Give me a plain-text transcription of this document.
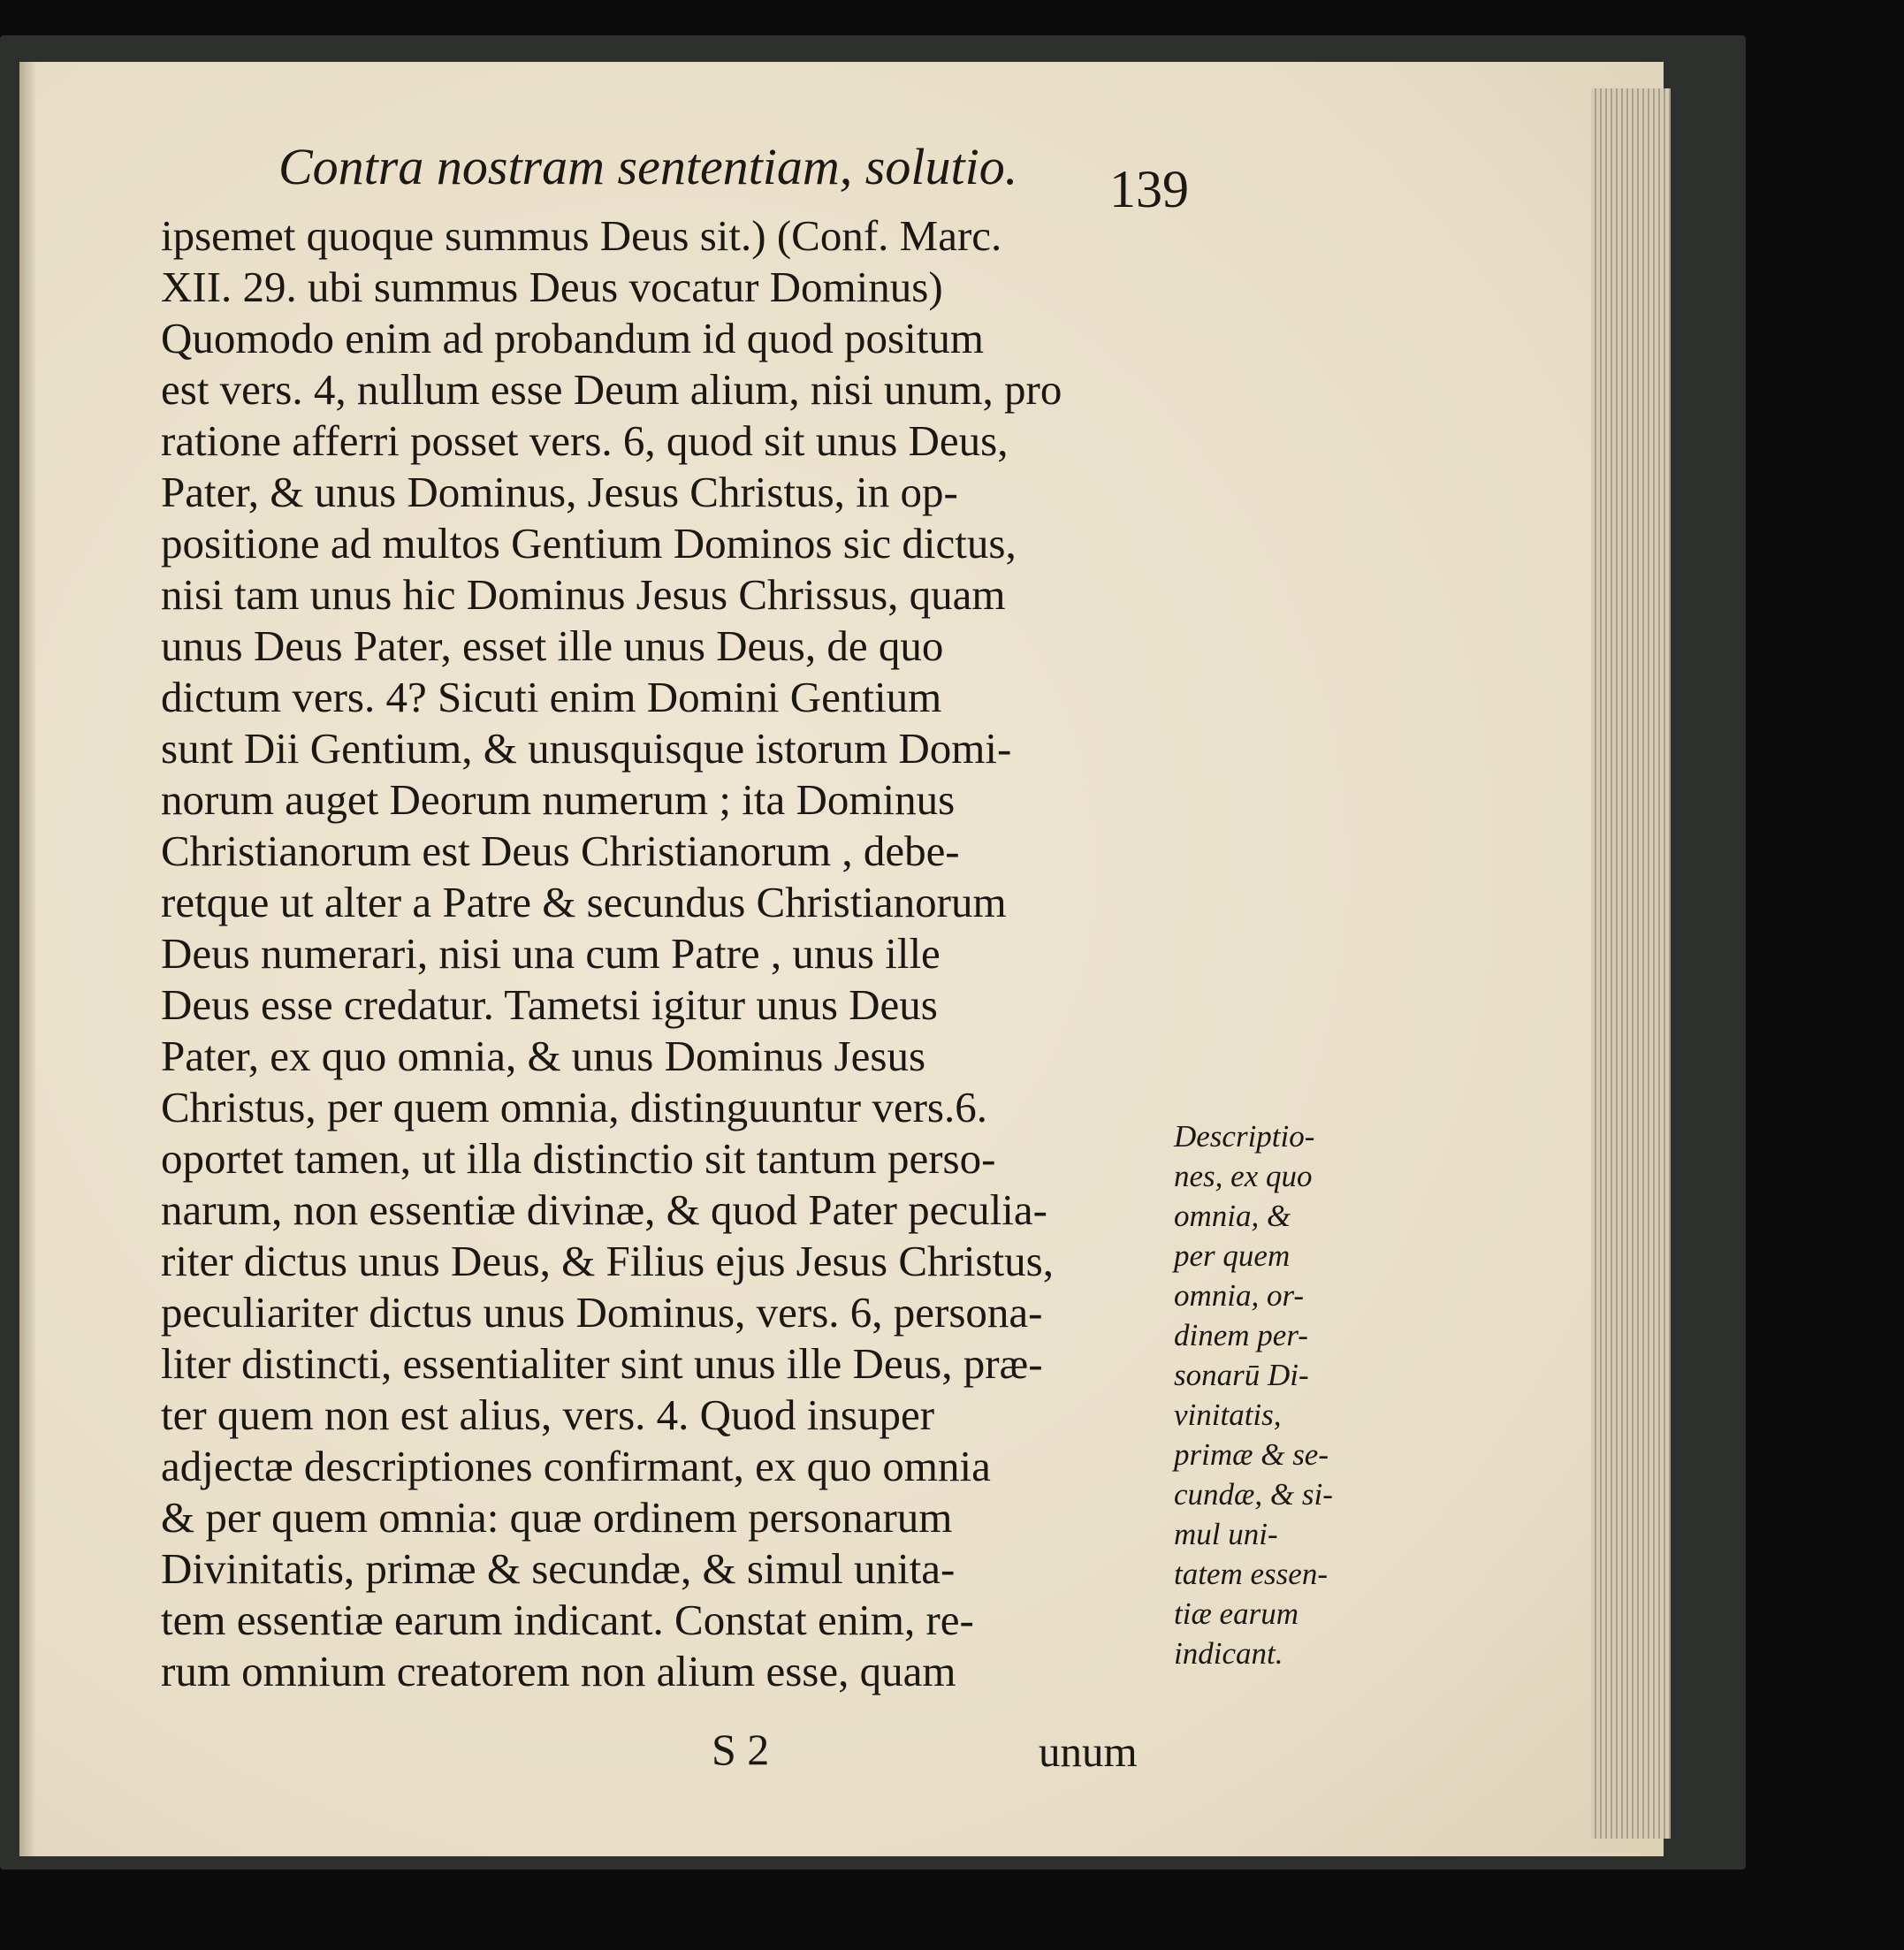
Contra nostram sententiam, solutio. 139
ipsemet quoque summus Deus sit.) (Conf. Marc.
XII. 29. ubi summus Deus vocatur Dominus)
Quomodo enim ad probandum id quod positum
est vers. 4, nullum esse Deum alium, nisi unum, pro
ratione afferri posset vers. 6, quod sit unus Deus,
Pater, & unus Dominus, Jesus Christus, in op-
positione ad multos Gentium Dominos sic dictus,
nisi tam unus hic Dominus Jesus Chrissus, quam
unus Deus Pater, esset ille unus Deus, de quo
dictum vers. 4? Sicuti enim Domini Gentium
sunt Dii Gentium, & unusquisque istorum Domi-
norum auget Deorum numerum ; ita Dominus
Christianorum est Deus Christianorum , debe-
retque ut alter a Patre & secundus Christianorum
Deus numerari, nisi una cum Patre , unus ille
Deus esse credatur. Tametsi igitur unus Deus
Pater, ex quo omnia, & unus Dominus Jesus
Christus, per quem omnia, distinguuntur vers.6.
oportet tamen, ut illa distinctio sit tantum perso-
narum, non essentiæ divinæ, & quod Pater peculia-
riter dictus unus Deus, & Filius ejus Jesus Christus,
peculiariter dictus unus Dominus, vers. 6, persona-
liter distincti, essentialiter sint unus ille Deus, præ-
ter quem non est alius, vers. 4. Quod insuper
adjectæ descriptiones confirmant, ex quo omnia
& per quem omnia: quæ ordinem personarum
Divinitatis, primæ & secundæ, & simul unita-
tem essentiæ earum indicant. Constat enim, re-
rum omnium creatorem non alium esse, quam
Descriptio-
nes, ex quo
omnia, &
per quem
omnia, or-
dinem per-
sonarū Di-
vinitatis,
primæ & se-
cundæ, & si-
mul uni-
tatem essen-
tiæ earum
indicant.
S 2	unum
